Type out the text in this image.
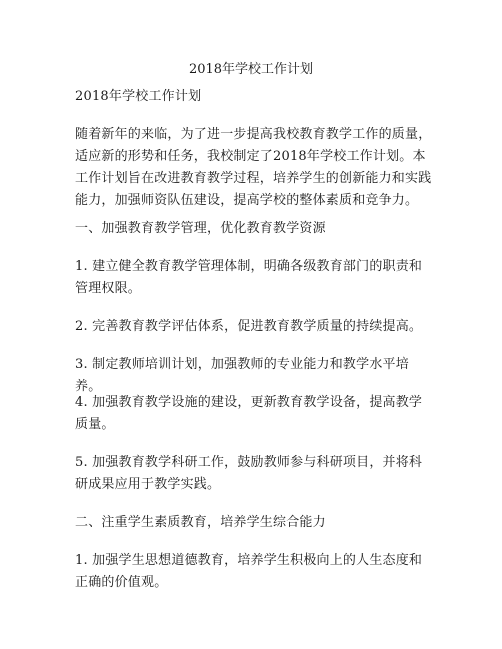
2018年学校工作计划

2018年学校工作计划

随着新年的来临，为了进一步提高我校教育教学工作的质量，适应新的形势和任务，我校制定了2018年学校工作计划。本工作计划旨在改进教育教学过程，培养学生的创新能力和实践能力，加强师资队伍建设，提高学校的整体素质和竞争力。

一、加强教育教学管理，优化教育教学资源

1. 建立健全教育教学管理体制，明确各级教育部门的职责和管理权限。

2. 完善教育教学评估体系，促进教育教学质量的持续提高。

3. 制定教师培训计划，加强教师的专业能力和教学水平培养。

4. 加强教育教学设施的建设，更新教育教学设备，提高教学质量。

5. 加强教育教学科研工作，鼓励教师参与科研项目，并将科研成果应用于教学实践。

二、注重学生素质教育，培养学生综合能力

1. 加强学生思想道德教育，培养学生积极向上的人生态度和正确的价值观。
